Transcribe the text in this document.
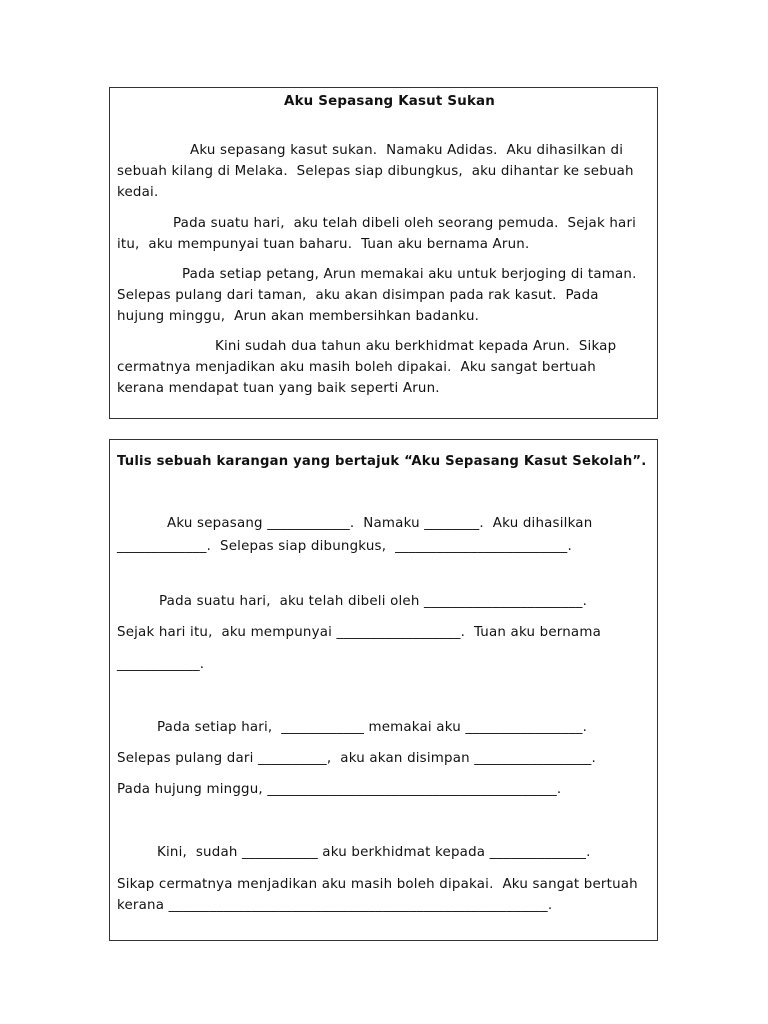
Aku Sepasang Kasut Sukan
Aku sepasang kasut sukan.  Namaku Adidas.  Aku dihasilkan di
sebuah kilang di Melaka.  Selepas siap dibungkus,  aku dihantar ke sebuah
kedai.
Pada suatu hari,  aku telah dibeli oleh seorang pemuda.  Sejak hari
itu,  aku mempunyai tuan baharu.  Tuan aku bernama Arun.
Pada setiap petang, Arun memakai aku untuk berjoging di taman.
Selepas pulang dari taman,  aku akan disimpan pada rak kasut.  Pada
hujung minggu,  Arun akan membersihkan badanku.
Kini sudah dua tahun aku berkhidmat kepada Arun.  Sikap
cermatnya menjadikan aku masih boleh dipakai.  Aku sangat bertuah
kerana mendapat tuan yang baik seperti Arun.
Tulis sebuah karangan yang bertajuk “Aku Sepasang Kasut Sekolah”.
Aku sepasang ____________.  Namaku ________.  Aku dihasilkan
_____________.  Selepas siap dibungkus,  _________________________.
Pada suatu hari,  aku telah dibeli oleh _______________________.
Sejak hari itu,  aku mempunyai __________________.  Tuan aku bernama
____________.
Pada setiap hari,  ____________ memakai aku _________________.
Selepas pulang dari __________,  aku akan disimpan _________________.
Pada hujung minggu, __________________________________________.
Kini,  sudah ___________ aku berkhidmat kepada ______________.
Sikap cermatnya menjadikan aku masih boleh dipakai.  Aku sangat bertuah
kerana _______________________________________________________.
